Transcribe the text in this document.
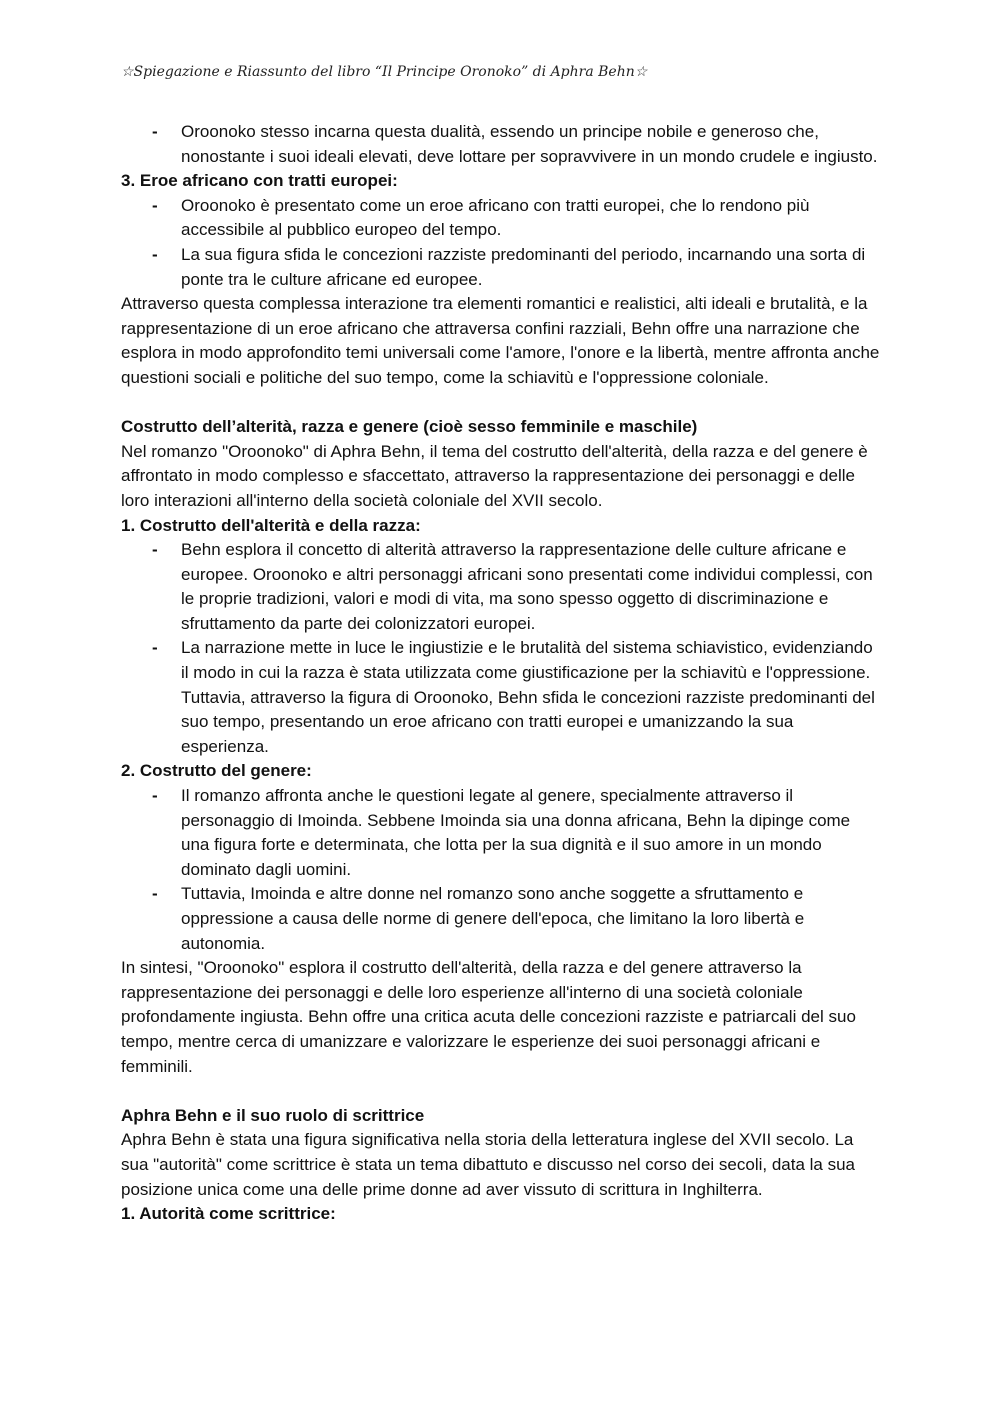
☆Spiegazione e Riassunto del libro “Il Principe Oronoko” di Aphra Behn☆
- Oroonoko stesso incarna questa dualità, essendo un principe nobile e generoso che, nonostante i suoi ideali elevati, deve lottare per sopravvivere in un mondo crudele e ingiusto.

3. Eroe africano con tratti europei:

- Oroonoko è presentato come un eroe africano con tratti europei, che lo rendono più accessibile al pubblico europeo del tempo.
- La sua figura sfida le concezioni razziste predominanti del periodo, incarnando una sorta di ponte tra le culture africane ed europee.

Attraverso questa complessa interazione tra elementi romantici e realistici, alti ideali e brutalità, e la rappresentazione di un eroe africano che attraversa confini razziali, Behn offre una narrazione che esplora in modo approfondito temi universali come l'amore, l'onore e la libertà, mentre affronta anche questioni sociali e politiche del suo tempo, come la schiavitù e l'oppressione coloniale.

Costrutto dell’alterità, razza e genere (cioè sesso femminile e maschile)

Nel romanzo "Oroonoko" di Aphra Behn, il tema del costrutto dell'alterità, della razza e del genere è affrontato in modo complesso e sfaccettato, attraverso la rappresentazione dei personaggi e delle loro interazioni all'interno della società coloniale del XVII secolo.

1. Costrutto dell'alterità e della razza:

- Behn esplora il concetto di alterità attraverso la rappresentazione delle culture africane e europee. Oroonoko e altri personaggi africani sono presentati come individui complessi, con le proprie tradizioni, valori e modi di vita, ma sono spesso oggetto di discriminazione e sfruttamento da parte dei colonizzatori europei.
- La narrazione mette in luce le ingiustizie e le brutalità del sistema schiavistico, evidenziando il modo in cui la razza è stata utilizzata come giustificazione per la schiavitù e l'oppressione. Tuttavia, attraverso la figura di Oroonoko, Behn sfida le concezioni razziste predominanti del suo tempo, presentando un eroe africano con tratti europei e umanizzando la sua esperienza.

2. Costrutto del genere:

- Il romanzo affronta anche le questioni legate al genere, specialmente attraverso il personaggio di Imoinda. Sebbene Imoinda sia una donna africana, Behn la dipinge come una figura forte e determinata, che lotta per la sua dignità e il suo amore in un mondo dominato dagli uomini.
- Tuttavia, Imoinda e altre donne nel romanzo sono anche soggette a sfruttamento e oppressione a causa delle norme di genere dell'epoca, che limitano la loro libertà e autonomia.

In sintesi, "Oroonoko" esplora il costrutto dell'alterità, della razza e del genere attraverso la rappresentazione dei personaggi e delle loro esperienze all'interno di una società coloniale profondamente ingiusta. Behn offre una critica acuta delle concezioni razziste e patriarcali del suo tempo, mentre cerca di umanizzare e valorizzare le esperienze dei suoi personaggi africani e femminili.

Aphra Behn e il suo ruolo di scrittrice

Aphra Behn è stata una figura significativa nella storia della letteratura inglese del XVII secolo. La sua "autorità" come scrittrice è stata un tema dibattuto e discusso nel corso dei secoli, data la sua posizione unica come una delle prime donne ad aver vissuto di scrittura in Inghilterra.

1. Autorità come scrittrice:
